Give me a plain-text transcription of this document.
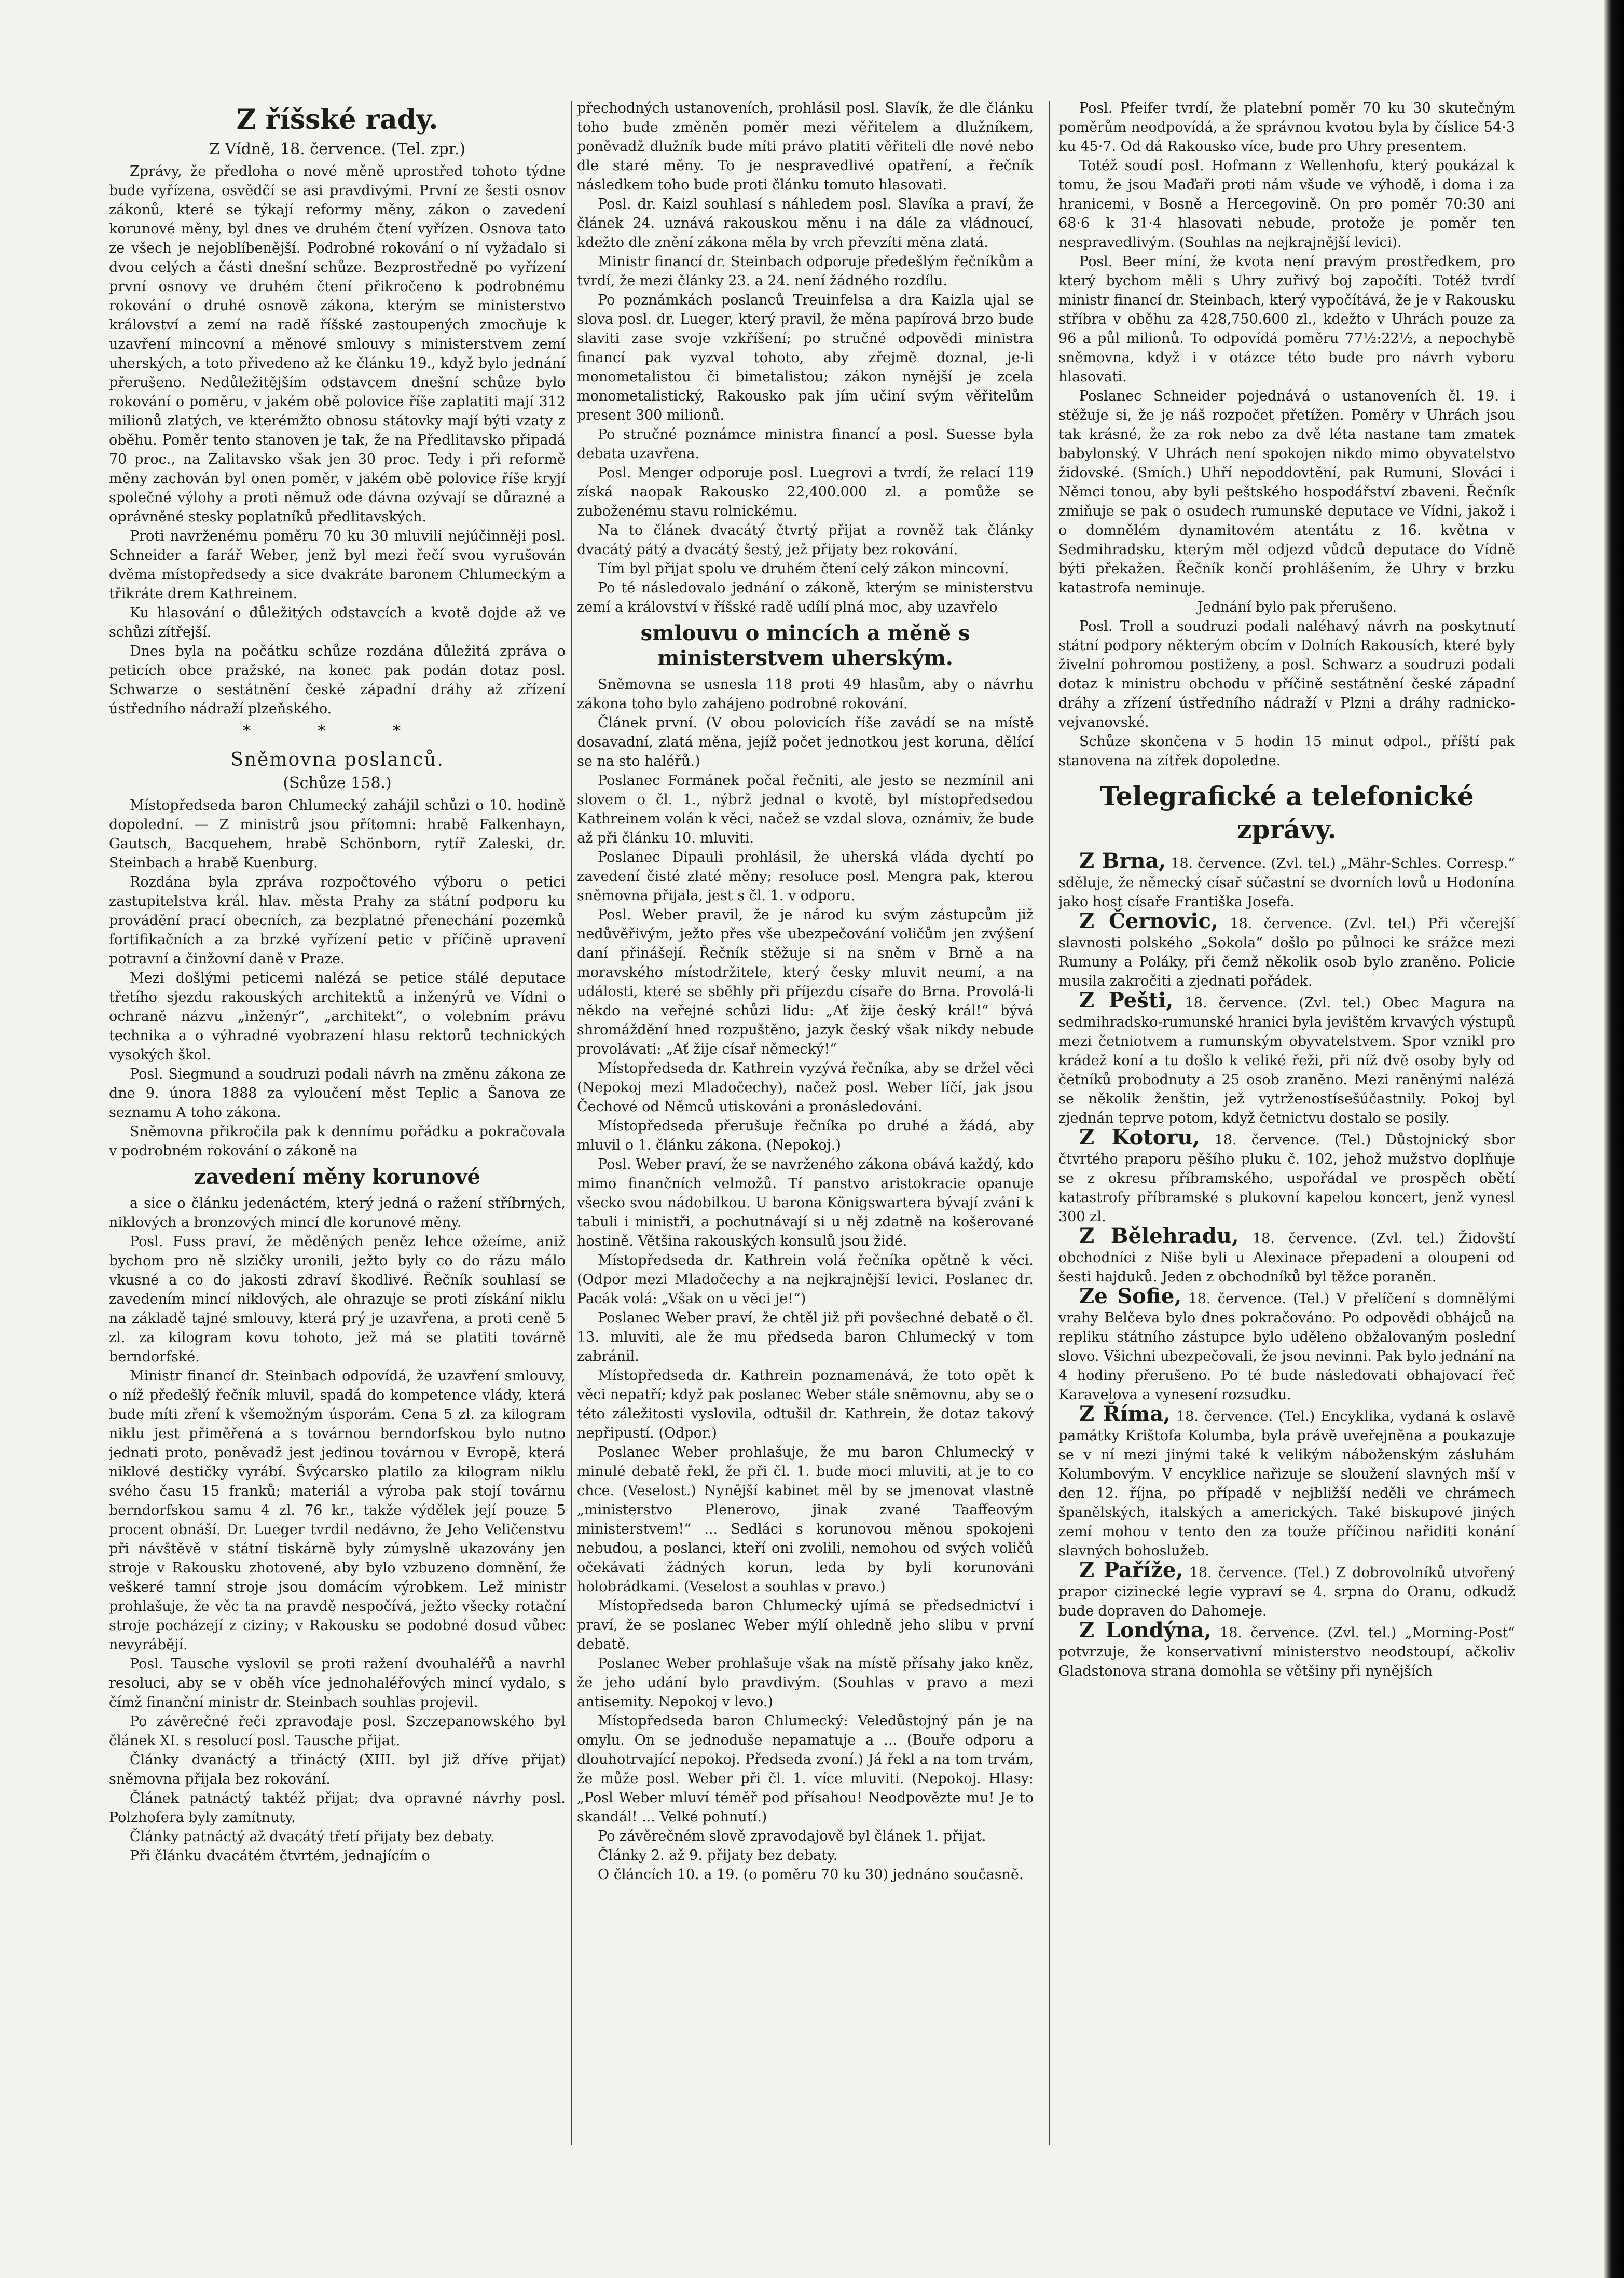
Z říšské rady.
Z Vídně, 18. července. (Tel. zpr.)

Zprávy, že předloha o nové měně uprostřed tohoto týdne bude vyřízena, osvědčí se asi pravdivými. První ze šesti osnov zákonů, které se týkají reformy měny, zákon o zavedení korunové měny, byl dnes ve druhém čtení vyřízen. Osnova tato ze všech je nejoblíbenější. Podrobné rokování o ní vyžadalo si dvou celých a části dnešní schůze. Bezprostředně po vyřízení první osnovy ve druhém čtení přikročeno k podrobnému rokování o druhé osnově zákona, kterým se ministerstvo království a zemí na radě říšské zastoupených zmocňuje k uzavření mincovní a měnové smlouvy s ministerstvem zemí uherských, a toto přivedeno až ke článku 19., když bylo jednání přerušeno. Nedůležitějším odstavcem dnešní schůze bylo rokování o poměru, v jakém obě polovice říše zaplatiti mají 312 milionů zlatých, ve kterémžto obnosu státovky mají býti vzaty z oběhu. Poměr tento stanoven je tak, že na Předlitavsko připadá 70 proc., na Zalitavsko však jen 30 proc. Tedy i při reformě měny zachován byl onen poměr, v jakém obě polovice říše kryjí společné výlohy a proti němuž ode dávna ozývají se důrazné a oprávněné stesky poplatníků předlitavských.

Proti navrženému poměru 70 ku 30 mluvili nejúčinněji posl. Schneider a farář Weber, jenž byl mezi řečí svou vyrušován dvěma místopředsedy a sice dvakráte baronem Chlumeckým a třikráte drem Kathreinem.

Ku hlasování o důležitých odstavcích a kvotě dojde až ve schůzi zítřejší.

Dnes byla na počátku schůze rozdána důležitá zpráva o peticích obce pražské, na konec pak podán dotaz posl. Schwarze o sestátnění české západní dráhy až zřízení ústředního nádraží plzeňského.

* * *
Sněmovna poslanců.
(Schůze 158.)

Místopředseda baron Chlumecký zahájil schůzi o 10. hodině dopolední. — Z ministrů jsou přítomni: hrabě Falkenhayn, Gautsch, Bacquehem, hrabě Schönborn, rytíř Zaleski, dr. Steinbach a hrabě Kuenburg.

Rozdána byla zpráva rozpočtového výboru o petici zastupitelstva král. hlav. města Prahy za státní podporu ku provádění prací obecních, za bezplatné přenechání pozemků fortifikačních a za brzké vyřízení petic v příčině upravení potravní a činžovní daně v Praze.

Mezi došlými peticemi nalézá se petice stálé deputace třetího sjezdu rakouských architektů a inženýrů ve Vídni o ochraně názvu „inženýr“, „architekt“, o volebním právu technika a o výhradné vyobrazení hlasu rektorů technických vysokých škol.

Posl. Siegmund a soudruzi podali návrh na změnu zákona ze dne 9. února 1888 za vyloučení měst Teplic a Šanova ze seznamu A toho zákona.

Sněmovna přikročila pak k dennímu pořádku a pokračovala v podrobném rokování o zákoně na

zavedení měny korunové

a sice o článku jedenáctém, který jedná o ražení stříbrných, niklových a bronzových mincí dle korunové měny.

Posl. Fuss praví, že měděných peněz lehce ožeíme, aniž bychom pro ně slzičky uronili, ježto byly co do rázu málo vkusné a co do jakosti zdraví škodlivé. Řečník souhlasí se zavedením mincí niklových, ale ohrazuje se proti získání niklu na základě tajné smlouvy, která prý je uzavřena, a proti ceně 5 zl. za kilogram kovu tohoto, jež má se platiti továrně berndorfské.

Ministr financí dr. Steinbach odpovídá, že uzavření smlouvy, o níž předešlý řečník mluvil, spadá do kompetence vlády, která bude míti zření k všemožným úsporám. Cena 5 zl. za kilogram niklu jest přiměřená a s továrnou berndorfskou bylo nutno jednati proto, poněvadž jest jedinou továrnou v Evropě, která niklové destičky vyrábí. Švýcarsko platilo za kilogram niklu svého času 15 franků; materiál a výroba pak stojí továrnu berndorfskou samu 4 zl. 76 kr., takže výdělek její pouze 5 procent obnáší. Dr. Lueger tvrdil nedávno, že Jeho Veličenstvu při návštěvě v státní tiskárně byly zúmyslně ukazovány jen stroje v Rakousku zhotovené, aby bylo vzbuzeno domnění, že veškeré tamní stroje jsou domácím výrobkem. Lež ministr prohlašuje, že věc ta na pravdě nespočívá, ježto všecky rotační stroje pocházejí z ciziny; v Rakousku se podobné dosud vůbec nevyrábějí.

Posl. Tausche vyslovil se proti ražení dvouhaléřů a navrhl resoluci, aby se v oběh více jednohaléřových mincí vydalo, s čímž finanční ministr dr. Steinbach souhlas projevil.

Po závěrečné řeči zpravodaje posl. Szczepanowského byl článek XI. s resolucí posl. Tausche přijat.

Články dvanáctý a třináctý (XIII. byl již dříve přijat) sněmovna přijala bez rokování.

Článek patnáctý taktéž přijat; dva opravné návrhy posl. Polzhofera byly zamítnuty.

Články patnáctý až dvacátý třetí přijaty bez debaty.

Při článku dvacátém čtvrtém, jednajícím o

přechodných ustanoveních, prohlásil posl. Slavík, že dle článku toho bude změněn poměr mezi věřitelem a dlužníkem, poněvadž dlužník bude míti právo platiti věřiteli dle nové nebo dle staré měny. To je nespravedlivé opatření, a řečník následkem toho bude proti článku tomuto hlasovati.

Posl. dr. Kaizl souhlasí s náhledem posl. Slavíka a praví, že článek 24. uznává rakouskou měnu i na dále za vládnoucí, kdežto dle znění zákona měla by vrch převzíti měna zlatá.

Ministr financí dr. Steinbach odporuje předešlým řečníkům a tvrdí, že mezi články 23. a 24. není žádného rozdílu.

Po poznámkách poslanců Treuinfelsa a dra Kaizla ujal se slova posl. dr. Lueger, který pravil, že měna papírová brzo bude slaviti zase svoje vzkříšení; po stručné odpovědi ministra financí pak vyzval tohoto, aby zřejmě doznal, je-li monometalistou či bimetalistou; zákon nynější je zcela monometalistický, Rakousko pak jím učiní svým věřitelům present 300 milionů.

Po stručné poznámce ministra financí a posl. Suesse byla debata uzavřena.

Posl. Menger odporuje posl. Luegrovi a tvrdí, že relací 119 získá naopak Rakousko 22,400.000 zl. a pomůže se zuboženému stavu rolnickému.

Na to článek dvacátý čtvrtý přijat a rovněž tak články dvacátý pátý a dvacátý šestý, jež přijaty bez rokování.

Tím byl přijat spolu ve druhém čtení celý zákon mincovní.

Po té následovalo jednání o zákoně, kterým se ministerstvu zemí a království v říšské radě udílí plná moc, aby uzavřelo

smlouvu o mincích a měně s ministerstvem uherským.

Sněmovna se usnesla 118 proti 49 hlasům, aby o návrhu zákona toho bylo zahájeno podrobné rokování.

Článek první. (V obou polovicích říše zavádí se na místě dosavadní, zlatá měna, jejíž počet jednotkou jest koruna, dělící se na sto haléřů.)

Poslanec Formánek počal řečniti, ale jesto se nezmínil ani slovem o čl. 1., nýbrž jednal o kvotě, byl místopředsedou Kathreinem volán k věci, načež se vzdal slova, oznámiv, že bude až při článku 10. mluviti.

Poslanec Dipauli prohlásil, že uherská vláda dychtí po zavedení čisté zlaté měny; resoluce posl. Mengra pak, kterou sněmovna přijala, jest s čl. 1. v odporu.

Posl. Weber pravil, že je národ ku svým zástupcům již nedůvěřivým, ježto přes vše ubezpečování voličům jen zvýšení daní přinášejí. Řečník stěžuje si na sněm v Brně a na moravského místodržitele, který česky mluvit neumí, a na události, které se sběhly při příjezdu císaře do Brna. Provolá-li někdo na veřejné schůzi lidu: „Ať žije český král!“ bývá shromáždění hned rozpuštěno, jazyk český však nikdy nebude provolávati: „Ať žije císař německý!“

Místopředseda dr. Kathrein vyzývá řečníka, aby se držel věci (Nepokoj mezi Mladočechy), načež posl. Weber líčí, jak jsou Čechové od Němců utiskováni a pronásledováni.

Místopředseda přerušuje řečníka po druhé a žádá, aby mluvil o 1. článku zákona. (Nepokoj.)

Posl. Weber praví, že se navrženého zákona obává každý, kdo mimo finančních velmožů. Tí panstvo aristokracie opanuje všecko svou nádobilkou. U barona Königswartera bývají zváni k tabuli i ministři, a pochutnávají si u něj zdatně na košerované hostině. Většina rakouských konsulů jsou židé.

Místopředseda dr. Kathrein volá řečníka opětně k věci. (Odpor mezi Mladočechy a na nejkrajnější levici. Poslanec dr. Pacák volá: „Však on u věci je!“)

Poslanec Weber praví, že chtěl již při povšechné debatě o čl. 13. mluviti, ale že mu předseda baron Chlumecký v tom zabránil.

Místopředseda dr. Kathrein poznamenává, že toto opět k věci nepatří; když pak poslanec Weber stále sněmovnu, aby se o této záležitosti vyslovila, odtušil dr. Kathrein, že dotaz takový nepřipustí. (Odpor.)

Poslanec Weber prohlašuje, že mu baron Chlumecký v minulé debatě řekl, že při čl. 1. bude moci mluviti, at je to co chce. (Veselost.) Nynější kabinet měl by se jmenovat vlastně „ministerstvo Plenerovo, jinak zvané Taaffeovým ministerstvem!“ ... Sedláci s korunovou měnou spokojeni nebudou, a poslanci, kteří oni zvolili, nemohou od svých voličů očekávati žádných korun, leda by byli korunováni holobrádkami. (Veselost a souhlas v pravo.)

Místopředseda baron Chlumecký ujímá se předsednictví i praví, že se poslanec Weber mýlí ohledně jeho slibu v první debatě.

Poslanec Weber prohlašuje však na místě přísahy jako kněz, že jeho udání bylo pravdivým. (Souhlas v pravo a mezi antisemity. Nepokoj v levo.)

Místopředseda baron Chlumecký: Veledůstojný pán je na omylu. On se jednoduše nepamatuje a ... (Bouře odporu a dlouhotrvající nepokoj. Předseda zvoní.) Já řekl a na tom trvám, že může posl. Weber při čl. 1. více mluviti. (Nepokoj. Hlasy: „Posl Weber mluví téměř pod přísahou! Neodpovězte mu! Je to skandál! ... Velké pohnutí.)

Po závěrečném slově zpravodajově byl článek 1. přijat.

Články 2. až 9. přijaty bez debaty.

O článcích 10. a 19. (o poměru 70 ku 30) jednáno současně.

Posl. Pfeifer tvrdí, že platební poměr 70 ku 30 skutečným poměrům neodpovídá, a že správnou kvotou byla by číslice 54·3 ku 45·7. Od dá Rakousko více, bude pro Uhry presentem.

Totéž soudí posl. Hofmann z Wellenhofu, který poukázal k tomu, že jsou Maďaři proti nám všude ve výhodě, i doma i za hranicemi, v Bosně a Hercegovině. On pro poměr 70:30 ani 68·6 k 31·4 hlasovati nebude, protože je poměr ten nespravedlivým. (Souhlas na nejkrajnější levici).

Posl. Beer míní, že kvota není pravým prostředkem, pro který bychom měli s Uhry zuřivý boj započíti. Totéž tvrdí ministr financí dr. Steinbach, který vypočítává, že je v Rakousku stříbra v oběhu za 428,750.600 zl., kdežto v Uhrách pouze za 96 a půl milionů. To odpovídá poměru 77½:22½, a nepochybě sněmovna, když i v otázce této bude pro návrh vyboru hlasovati.

Poslanec Schneider pojednává o ustanoveních čl. 19. i stěžuje si, že je náš rozpočet přetížen. Poměry v Uhrách jsou tak krásné, že za rok nebo za dvě léta nastane tam zmatek babylonský. V Uhrách není spokojen nikdo mimo obyvatelstvo židovské. (Smích.) Uhří nepoddovtění, pak Rumuni, Slováci i Němci tonou, aby byli peštského hospodářství zbaveni. Řečník zmiňuje se pak o osudech rumunské deputace ve Vídni, jakož i o domnělém dynamitovém atentátu z 16. května v Sedmihradsku, kterým měl odjezd vůdců deputace do Vídně býti překažen. Řečník končí prohlášením, že Uhry v brzku katastrofa neminuje.

Jednání bylo pak přerušeno.

Posl. Troll a soudruzi podali naléhavý návrh na poskytnutí státní podpory některým obcím v Dolních Rakousích, které byly živelní pohromou postiženy, a posl. Schwarz a soudruzi podali dotaz k ministru obchodu v příčině sestátnění české západní dráhy a zřízení ústředního nádraží v Plzni a dráhy radnicko-vejvanovské.

Schůze skončena v 5 hodin 15 minut odpol., příští pak stanovena na zítřek dopoledne.

Telegrafické a telefonické zprávy.

Z Brna, 18. července. (Zvl. tel.) „Mähr-Schles. Corresp.“ sděluje, že německý císař súčastní se dvorních lovů u Hodonína jako host císaře Františka Josefa.

Z Černovic, 18. července. (Zvl. tel.) Při včerejší slavnosti polského „Sokola“ došlo po půlnoci ke srážce mezi Rumuny a Poláky, při čemž několik osob bylo zraněno. Policie musila zakročiti a zjednati pořádek.

Z Pešti, 18. července. (Zvl. tel.) Obec Magura na sedmihradsko-rumunské hranici byla jevištěm krvavých výstupů mezi četniotvem a rumunským obyvatelstvem. Spor vznikl pro krádež koní a tu došlo k veliké řeži, při níž dvě osoby byly od četníků probodnuty a 25 osob zraněno. Mezi raněnými nalézá se několik ženštin, jež vytrženostísešúčastnily. Pokoj byl zjednán teprve potom, když četnictvu dostalo se posily.

Z Kotoru, 18. července. (Tel.) Důstojnický sbor čtvrtého praporu pěšího pluku č. 102, jehož mužstvo doplňuje se z okresu příbramského, uspořádal ve prospěch obětí katastrofy příbramské s plukovní kapelou koncert, jenž vynesl 300 zl.

Z Bělehradu, 18. července. (Zvl. tel.) Židovští obchodníci z Niše byli u Alexinace přepadeni a oloupeni od šesti hajduků. Jeden z obchodníků byl těžce poraněn.

Ze Sofie, 18. července. (Tel.) V přelíčení s domnělými vrahy Belčeva bylo dnes pokračováno. Po odpovědi obhájců na repliku státního zástupce bylo uděleno obžalovaným poslední slovo. Všichni ubezpečovali, že jsou nevinni. Pak bylo jednání na 4 hodiny přerušeno. Po té bude následovati obhajovací řeč Karavelova a vynesení rozsudku.

Z Říma, 18. července. (Tel.) Encyklika, vydaná k oslavě památky Krištofa Kolumba, byla právě uveřejněna a poukazuje se v ní mezi jinými také k velikým náboženským zásluhám Kolumbovým. V encyklice nařizuje se sloužení slavných mší v den 12. října, po případě v nejbližší neděli ve chrámech španělských, italských a amerických. Také biskupové jiných zemí mohou v tento den za touže příčinou nařiditi konání slavných bohoslužeb.

Z Paříže, 18. července. (Tel.) Z dobrovolníků utvořený prapor cizinecké legie vypraví se 4. srpna do Oranu, odkudž bude dopraven do Dahomeje.

Z Londýna, 18. července. (Zvl. tel.) „Morning-Post“ potvrzuje, že konservativní ministerstvo neodstoupí, ačkoliv Gladstonova strana domohla se většiny při nynějších
